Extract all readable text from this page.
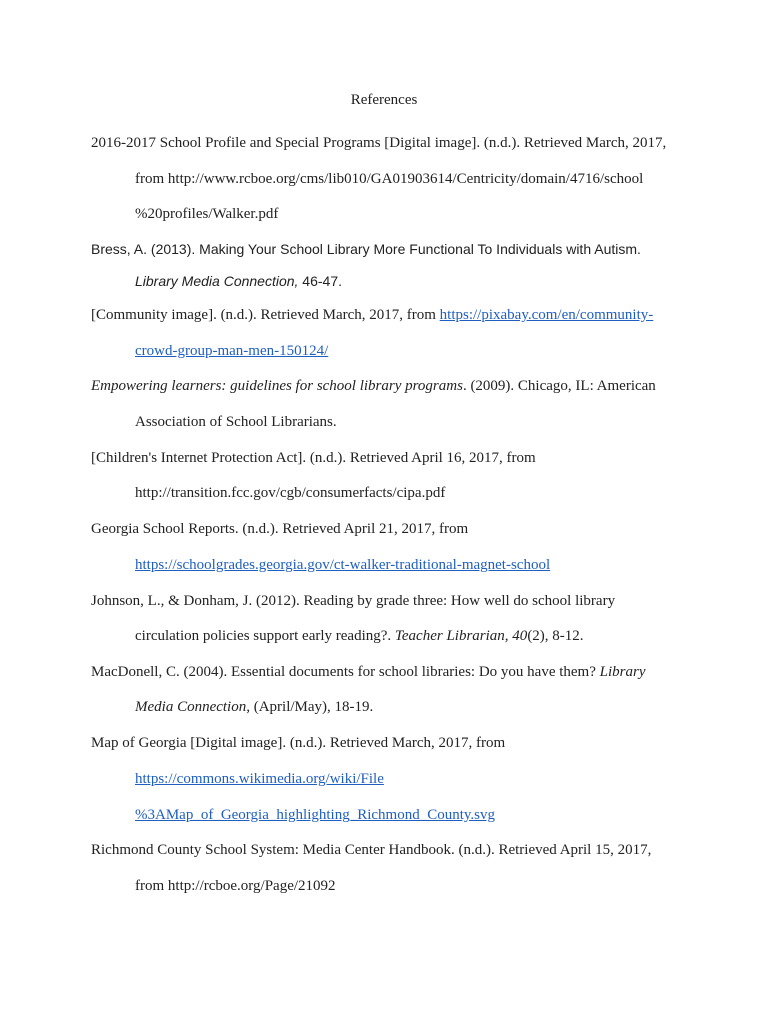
References
2016-2017 School Profile and Special Programs [Digital image]. (n.d.). Retrieved March, 2017,
from http://www.rcboe.org/cms/lib010/GA01903614/Centricity/domain/4716/school
%20profiles/Walker.pdf
Bress, A. (2013). Making Your School Library More Functional To Individuals with Autism.
Library Media Connection, 46-47.
[Community image]. (n.d.). Retrieved March, 2017, from https://pixabay.com/en/community-
crowd-group-man-men-150124/
Empowering learners: guidelines for school library programs. (2009). Chicago, IL: American
Association of School Librarians.
[Children's Internet Protection Act]. (n.d.). Retrieved April 16, 2017, from
http://transition.fcc.gov/cgb/consumerfacts/cipa.pdf
Georgia School Reports. (n.d.). Retrieved April 21, 2017, from
https://schoolgrades.georgia.gov/ct-walker-traditional-magnet-school
Johnson, L., & Donham, J. (2012). Reading by grade three: How well do school library
circulation policies support early reading?. Teacher Librarian, 40(2), 8-12.
MacDonell, C. (2004). Essential documents for school libraries: Do you have them? Library
Media Connection, (April/May), 18-19.
Map of Georgia [Digital image]. (n.d.). Retrieved March, 2017, from
https://commons.wikimedia.org/wiki/File
%3AMap_of_Georgia_highlighting_Richmond_County.svg
Richmond County School System: Media Center Handbook. (n.d.). Retrieved April 15, 2017,
from http://rcboe.org/Page/21092
